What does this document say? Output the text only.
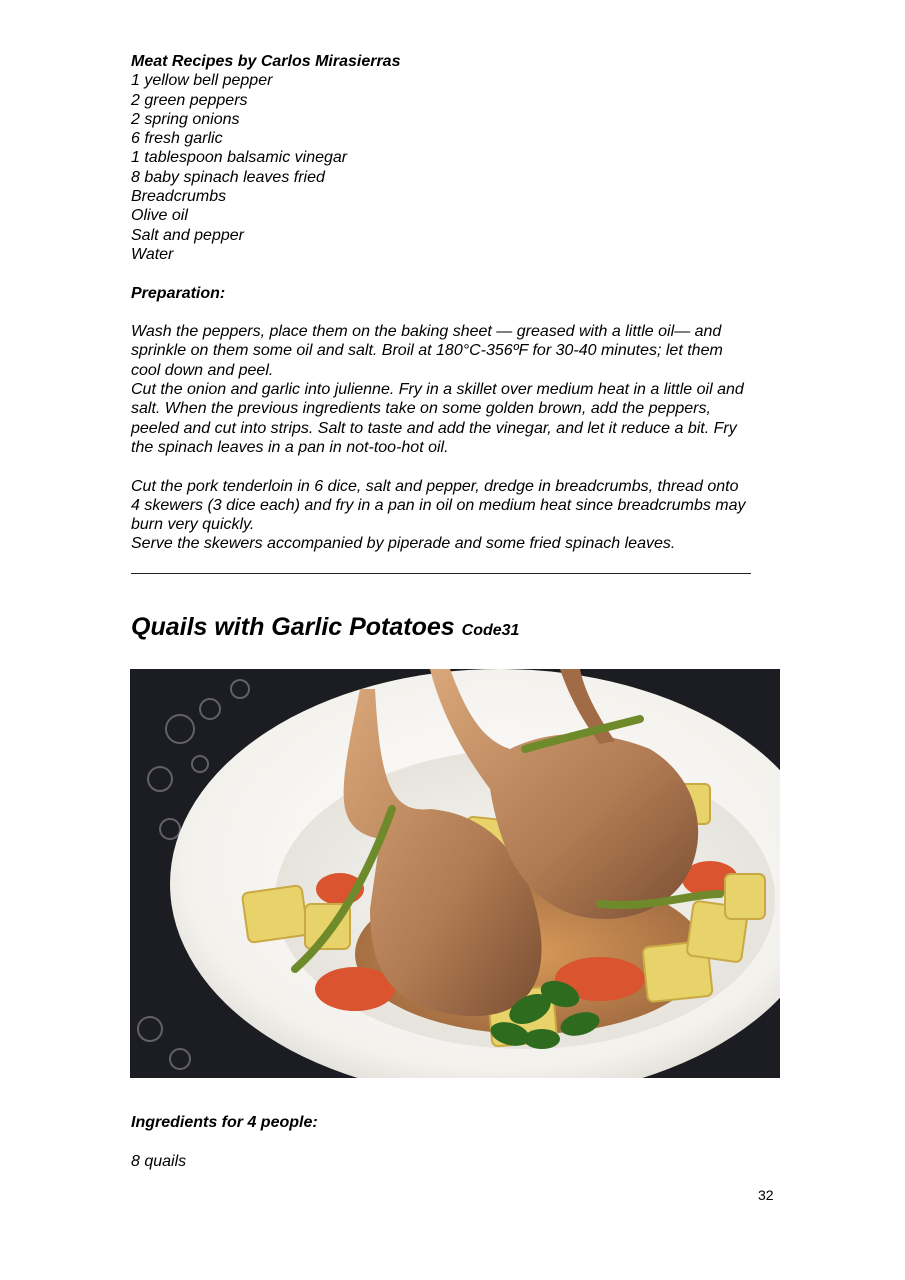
Meat Recipes by Carlos Mirasierras
1 yellow bell pepper
2 green peppers
2 spring onions
6 fresh garlic
1 tablespoon balsamic vinegar
8 baby spinach leaves fried
Breadcrumbs
Olive oil
Salt and pepper
Water
Preparation:
Wash the peppers, place them on the baking sheet — greased with a little oil— and
sprinkle on them some oil and salt. Broil at 180°C-356ºF for 30-40 minutes; let them
cool down and peel.
Cut the onion and garlic into julienne. Fry in a skillet over medium heat in a little oil and
salt. When the previous ingredients take on some golden brown, add the peppers,
peeled and cut into strips. Salt to taste and add the vinegar, and let it reduce a bit. Fry
the spinach leaves in a pan in not-too-hot oil.
Cut the pork tenderloin in 6 dice, salt and pepper, dredge in breadcrumbs, thread onto
4 skewers (3 dice each) and fry in a pan in oil on medium heat since breadcrumbs may
burn very quickly.
Serve the skewers accompanied by piperade and some fried spinach leaves.
Quails with Garlic Potatoes Code31
Ingredients for 4 people:
8 quails
32
